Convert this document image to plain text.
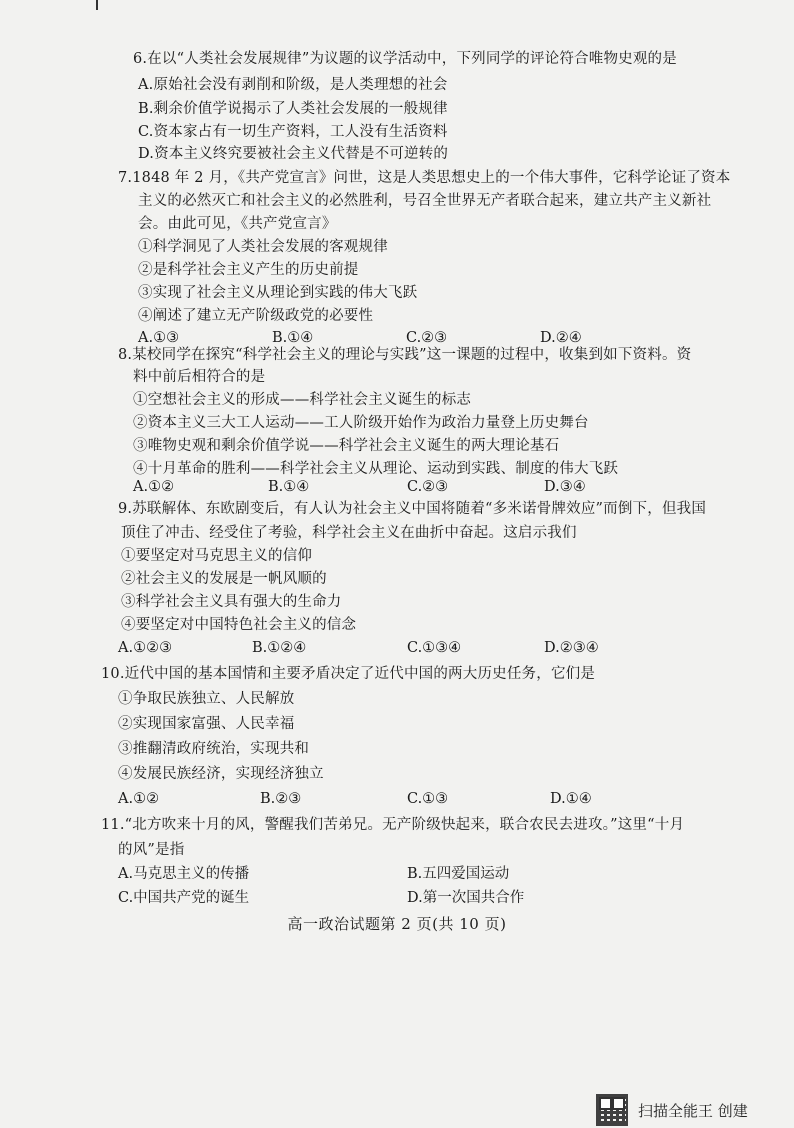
6.在以“人类社会发展规律”为议题的议学活动中，下列同学的评论符合唯物史观的是
A.原始社会没有剥削和阶级，是人类理想的社会
B.剩余价值学说揭示了人类社会发展的一般规律
C.资本家占有一切生产资料，工人没有生活资料
D.资本主义终究要被社会主义代替是不可逆转的
7.1848 年 2 月，《共产党宣言》问世，这是人类思想史上的一个伟大事件，它科学论证了资本
主义的必然灭亡和社会主义的必然胜利，号召全世界无产者联合起来，建立共产主义新社
会。由此可见，《共产党宣言》
①科学洞见了人类社会发展的客观规律
②是科学社会主义产生的历史前提
③实现了社会主义从理论到实践的伟大飞跃
④阐述了建立无产阶级政党的必要性
A.①③	B.①④	C.②③	D.②④
8.某校同学在探究“科学社会主义的理论与实践”这一课题的过程中，收集到如下资料。资
料中前后相符合的是
①空想社会主义的形成——科学社会主义诞生的标志
②资本主义三大工人运动——工人阶级开始作为政治力量登上历史舞台
③唯物史观和剩余价值学说——科学社会主义诞生的两大理论基石
④十月革命的胜利——科学社会主义从理论、运动到实践、制度的伟大飞跃
A.①②	B.①④	C.②③	D.③④
9.苏联解体、东欧剧变后，有人认为社会主义中国将随着“多米诺骨牌效应”而倒下，但我国
顶住了冲击、经受住了考验，科学社会主义在曲折中奋起。这启示我们
①要坚定对马克思主义的信仰
②社会主义的发展是一帆风顺的
③科学社会主义具有强大的生命力
④要坚定对中国特色社会主义的信念
A.①②③	B.①②④	C.①③④	D.②③④
10.近代中国的基本国情和主要矛盾决定了近代中国的两大历史任务，它们是
①争取民族独立、人民解放
②实现国家富强、人民幸福
③推翻清政府统治，实现共和
④发展民族经济，实现经济独立
A.①②	B.②③	C.①③	D.①④
11.“北方吹来十月的风，警醒我们苦弟兄。无产阶级快起来，联合农民去进攻。”这里“十月
的风”是指
A.马克思主义的传播	B.五四爱国运动
C.中国共产党的诞生	D.第一次国共合作
高一政治试题第 2 页(共 10 页)
扫描全能王 创建
